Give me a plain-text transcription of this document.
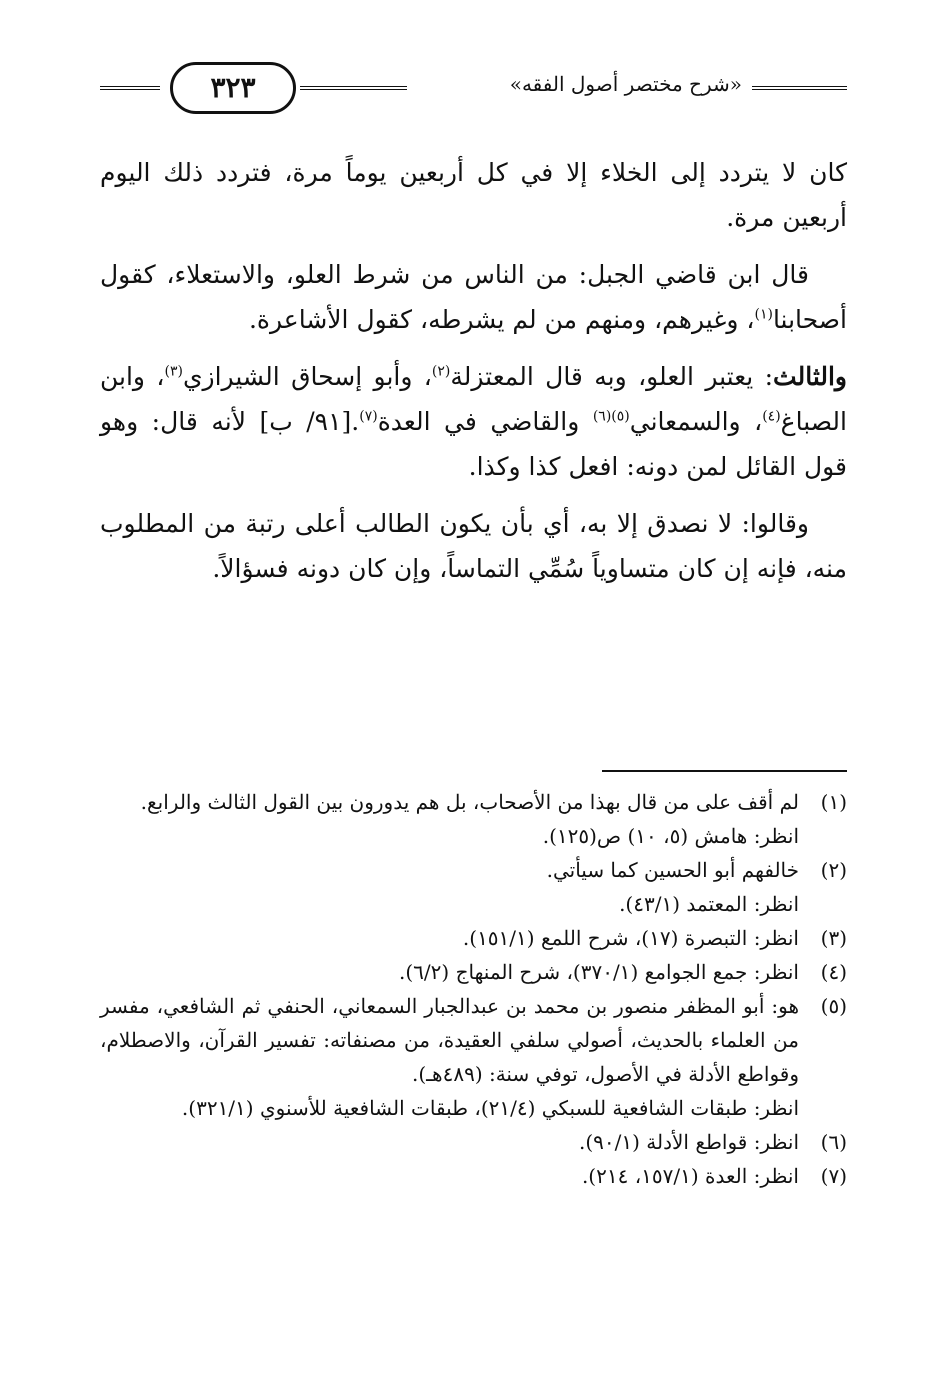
«شرح مختصر أصول الفقه»
٣٢٣

كان لا يتردد إلى الخلاء إلا في كل أربعين يوماً مرة، فتردد ذلك اليوم أربعين مرة.

قال ابن قاضي الجبل: من الناس من شرط العلو، والاستعلاء، كقول أصحابنا$^{(١)}$، وغيرهم، ومنهم من لم يشرطه، كقول الأشاعرة.

والثالث: يعتبر العلو، وبه قال المعتزلة$^{(٢)}$، وأبو إسحاق الشيرازي$^{(٣)}$، وابن الصباغ$^{(٤)}$، والسمعاني$^{(٥)(٦)}$ والقاضي في العدة$^{(٧)}$.[٩١/ ب] لأنه قال: وهو قول القائل لمن دونه: افعل كذا وكذا.

وقالوا: لا نصدق إلا به، أي بأن يكون الطالب أعلى رتبة من المطلوب منه، فإنه إن كان متساوياً سُمِّي التماساً، وإن كان دونه فسؤالاً.

(١)
لم أقف على من قال بهذا من الأصحاب، بل هم يدورون بين القول الثالث والرابع.
انظر: هامش (٥، ١٠) ص(١٢٥).
(٢)
خالفهم أبو الحسين كما سيأتي.
انظر: المعتمد (٤٣/١).
(٣)
انظر: التبصرة (١٧)، شرح اللمع (١٥١/١).
(٤)
انظر: جمع الجوامع (٣٧٠/١)، شرح المنهاج (٦/٢).
(٥)
هو: أبو المظفر منصور بن محمد بن عبدالجبار السمعاني، الحنفي ثم الشافعي، مفسر من العلماء بالحديث، أصولي سلفي العقيدة، من مصنفاته: تفسير القرآن، والاصطلام، وقواطع الأدلة في الأصول، توفي سنة: (٤٨٩هـ).
انظر: طبقات الشافعية للسبكي (٢١/٤)، طبقات الشافعية للأسنوي (٣٢١/١).
(٦)
انظر: قواطع الأدلة (٩٠/١).
(٧)
انظر: العدة (١٥٧/١، ٢١٤).
